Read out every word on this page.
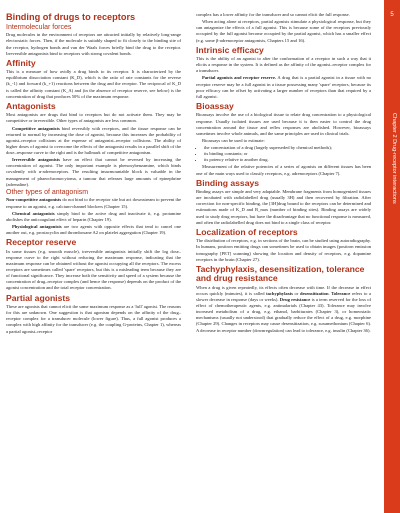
Binding of drugs to receptors
Intermolecular forces

Drug molecules in the environment of receptors are attracted initially by relatively long-range electrostatic forces. Then, if the molecule is suitably shaped to fit closely to the binding site of the receptor, hydrogen bonds and van der Waals forces briefly bind the drug to the receptor. Irreversible antagonists bind to receptors with strong covalent bonds.

Affinity

This is a measure of how avidly a drug binds to its receptor. It is characterized by the equilibrium dissociation constant (K_D), which is the ratio of rate constants for the reverse (k_-1) and forward (k_+1) reactions between the drug and the receptor. The reciprocal of K_D is called the affinity constant (K_A) and (in the absence of receptor reserve, see below) is the concentration of drug that produces 50% of the maximum response.

Antagonists

Most antagonists are drugs that bind to receptors but do not activate them. They may be competitive or irreversible. Other types of antagonists are less common.

Competitive antagonists bind reversibly with receptors, and the tissue response can be returned to normal by increasing the dose of agonist, because this increases the probability of agonist–receptor collisions at the expense of antagonist–receptor collisions. The ability of higher doses of agonist to overcome the effects of the antagonist results in a parallel shift of the dose–response curve to the right and is the hallmark of competitive antagonism.

Irreversible antagonists have an effect that cannot be reversed by increasing the concentration of agonist. The only important example is phenoxybenzamine, which binds covalently with α-adrenoceptors. The resulting insurmountable block is valuable in the management of phaeochromocytoma, a tumour that releases large amounts of epinephrine (adrenaline).

Other types of antagonism

Non-competitive antagonists do not bind to the receptor site but act downstream to prevent the response to an agonist, e.g. calcium-channel blockers (Chapter 15).

Chemical antagonists simply bind to the active drug and inactivate it, e.g. protamine abolishes the anticoagulant effect of heparin (Chapter 19).

Physiological antagonists are two agents with opposite effects that tend to cancel one another out, e.g. prostacyclin and thromboxane A2 on platelet aggregation (Chapter 19).

Receptor reserve

In some tissues (e.g. smooth muscle), irreversible antagonists initially shift the log dose–response curve to the right without reducing the maximum response, indicating that the maximum response can be obtained without the agonist occupying all the receptors. The excess receptors are sometimes called 'spare' receptors, but this is a misleading term because they are of functional significance. They increase both the sensitivity and speed of a system because the concentration of drug–receptor complex (and hence the response) depends on the product of the agonist concentration and the total receptor concentration.

Partial agonists

These are agonists that cannot elicit the same maximum response as a 'full' agonist. The reasons for this are unknown. One suggestion is that agonism depends on the affinity of the drug–receptor complex for a transducer molecule (lower figure). Thus, a full agonist produces a complex with high affinity for the transducer (e.g. the coupling G-proteins, Chapter 1), whereas a partial agonist–receptor

complex has a lower affinity for the transducer and so cannot elicit the full response.

When acting alone at receptors, partial agonists stimulate a physiological response, but they can antagonize the effects of a full agonist. This is because some of the receptors previously occupied by the full agonist become occupied by the partial agonist, which has a smaller effect (e.g. some β-adrenoceptor antagonists, Chapters 15 and 16).

Intrinsic efficacy

This is the ability of an agonist to alter the conformation of a receptor in such a way that it elicits a response in the system. It is defined as the affinity of the agonist–receptor complex for a transducer.

Partial agonists and receptor reserve. A drug that is a partial agonist in a tissue with no receptor reserve may be a full agonist in a tissue possessing many 'spare' receptors, because its poor efficacy can be offset by activating a larger number of receptors than that required by a full agonist.

Bioassay

Bioassays involve the use of a biological tissue to relate drug concentration to a physiological response. Usually isolated tissues are used because it is then easier to control the drug concentration around the tissue and reflex responses are abolished. However, bioassays sometimes involve whole animals, and the same principles are used in clinical trials.

Bioassays can be used to estimate:

• the concentration of a drug (largely superseded by chemical methods);
• its binding constants; or
• its potency relative to another drug.

Measurement of the relative potencies of a series of agonists on different tissues has been one of the main ways used to classify receptors, e.g. adrenoceptors (Chapter 7).

Binding assays

Binding assays are simple and very adaptable. Membrane fragments from homogenized tissues are incubated with radiolabelled drug (usually 3H) and then recovered by filtration. After correction for non-specific binding, the [3H]drug bound to the receptors can be determined and estimations made of K_D and B_max (number of binding sites). Binding assays are widely used to study drug receptors, but have the disadvantage that no functional response is measured, and often the radiolabelled drug does not bind to a single class of receptor.

Localization of receptors

The distribution of receptors, e.g. in sections of the brain, can be studied using autoradiography. In humans, positron emitting drugs can sometimes be used to obtain images (positron emission tomography [PET] scanning) showing the location and density of receptors, e.g. dopamine receptors in the brain (Chapter 27).

Tachyphylaxis, desensitization, tolerance and drug resistance

When a drug is given repeatedly, its effects often decrease with time. If the decrease in effect occurs quickly (minutes), it is called tachyphylaxis or desensitization. Tolerance refers to a slower decrease in response (days or weeks). Drug resistance is a term reserved for the loss of effect of chemotherapeutic agents, e.g. antimalarials (Chapter 43). Tolerance may involve increased metabolism of a drug, e.g. ethanol, barbiturates (Chapter 3), or homeostatic mechanisms (usually not understood) that gradually reduce the effect of a drug, e.g. morphine (Chapter 29). Changes in receptors may cause desensitization, e.g. suxamethonium (Chapter 6). A decrease in receptor number (downregulation) can lead to tolerance, e.g. insulin (Chapter 36).

5
Chapter 2 Drug-receptor interactions
